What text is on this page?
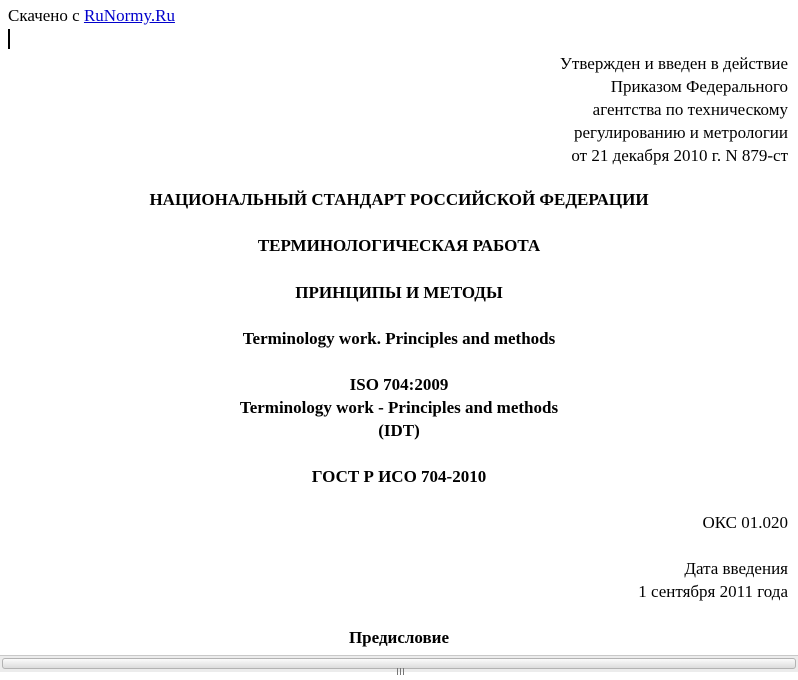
Скачено с RuNormy.Ru
Утвержден и введен в действие
Приказом Федерального
агентства по техническому
регулированию и метрологии
от 21 декабря 2010 г. N 879-ст
НАЦИОНАЛЬНЫЙ СТАНДАРТ РОССИЙСКОЙ ФЕДЕРАЦИИ
ТЕРМИНОЛОГИЧЕСКАЯ РАБОТА
ПРИНЦИПЫ И МЕТОДЫ
Terminology work. Principles and methods
ISO 704:2009
Terminology work - Principles and methods
(IDT)
ГОСТ Р ИСО 704-2010
ОКС 01.020
Дата введения
1 сентября 2011 года
Предисловие
